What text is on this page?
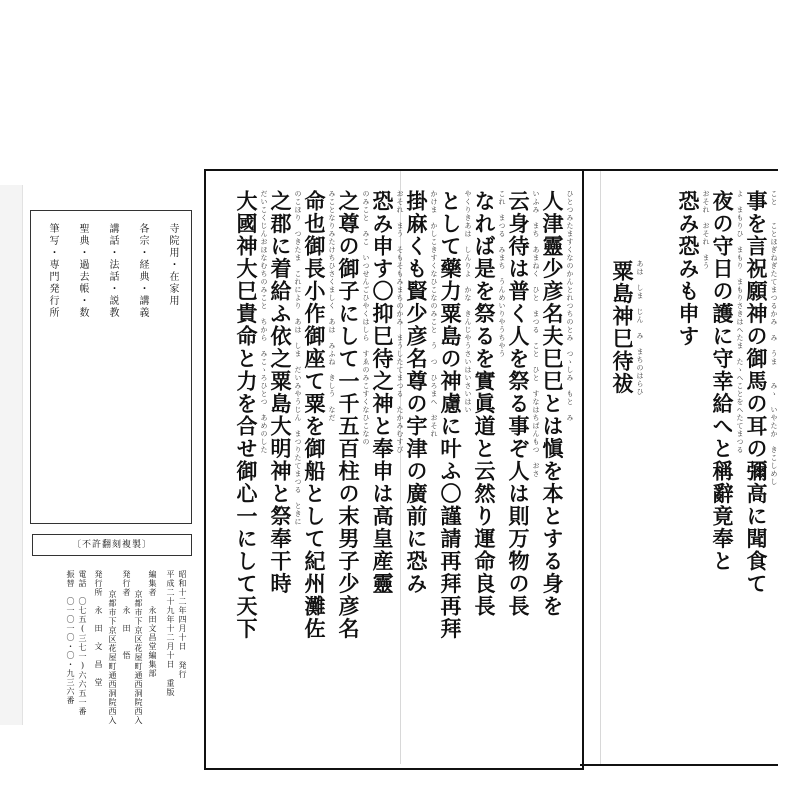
寺院用・在家用
各宗・経典・講義
講話・法話・説教
聖典・過去帳・数
筆写・専門発行所
〔不許翻刻複製〕
昭和十二年四月十日 発行
平成二十九年十二月十日 重版
編集者　永田文昌堂編集部
京都市下京区花屋町通西洞院西入
発行者　永　田　　悟
京都市下京区花屋町通西洞院西入
発行所　永　田　文　昌　堂
電話　〇七五(三七一)六六五一番
振替　〇一〇一〇・〇・九三六番
事を言祝願神の御馬の耳の彌高に聞食て こと　　ことほぎねぎたてまつるかみ　み　うま　　みゝ　いやたか　きこしめし
夜の守日の護に守幸給へと稱辭竟奉と よ　まもりひ　まもり　まもりさきはへたま　たゝへことをへたてまつる
恐み恐みも申す おそれ　おそれ　まう
粟島神巳待祓 あは　しま　じん　み　まちのはらひ
人津靈少彦名夫巳巳とは愼を本とする身を ひとつみたますくなのかんとれつちのとみ　つゝしみ　もと　み
云身待は普く人を祭る事ぞ人は則万物の長 いふみ　まち　あまねく　ひと　まつる　こと　ひと　すなはちばんもつ　おさ
なれば是を祭るを實眞道と云然り運命良長 これ　まつる　みまち　うんめいりやうちやう
として藥力粟島の神慮に叶ふ〇謹請再拜再拜 やくりきあは　しんりよ　かな　きんじやうさいはいさいはい
掛麻くも賢少彦名尊の宇津の廣前に恐み かけま　かしこきすくなひこなのみこと　う　つ　ひろまへ　おそれ
恐み申す〇抑巳待之神と奉申は高皇産靈 おそれ　まう　そもそもみまちのかみ　まうしたてまつる　たかみむすび
之尊の御子にして一千五百柱の末男子少彦名 のみこと　みこ　いつせんごひやくはしら　すゑのみこすくなひこなの
命也御長小作御座て粟を御船として紀州灘佐 みことなりみたけちひさくましく　あは　みふね　きしう　なだ
之郡に着給ふ依之粟島大明神と祭奉干時 のこほり　つきたま　これにより　あは　しま　だいみやうじん　まつりたてまつる　ときに
大國神大巳貴命と力を合せ御心一にして天下 だいこくじんおほなむちのみこと　ちから　みこゝろひとつ　あめのした
